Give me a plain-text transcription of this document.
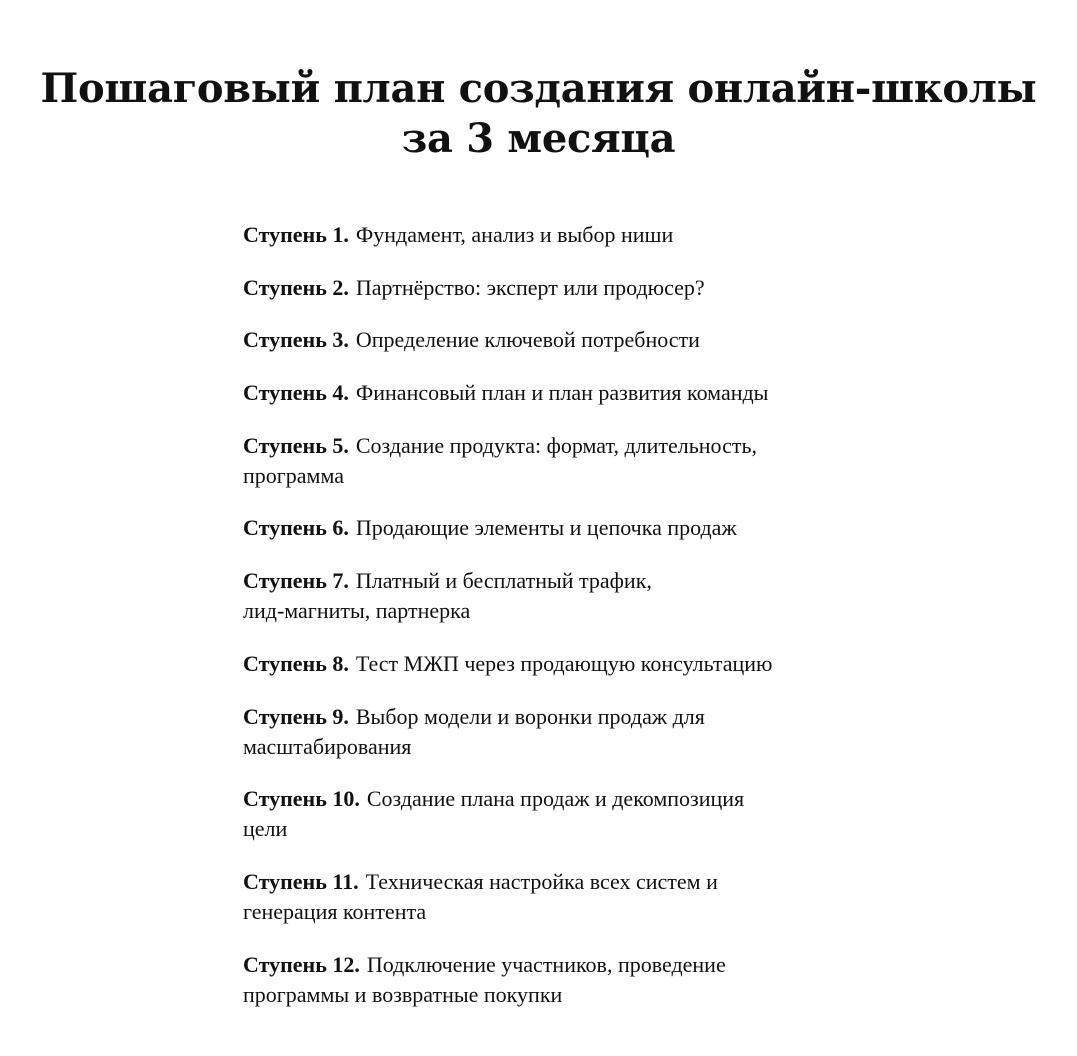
Пошаговый план создания онлайн-школы
за 3 месяца
Ступень 1. Фундамент, анализ и выбор ниши
Ступень 2. Партнёрство: эксперт или продюсер?
Ступень 3. Определение ключевой потребности
Ступень 4. Финансовый план и план развития команды
Ступень 5. Создание продукта: формат, длительность,
программа
Ступень 6. Продающие элементы и цепочка продаж
Ступень 7. Платный и бесплатный трафик,
лид-магниты, партнерка
Ступень 8. Тест МЖП через продающую консультацию
Ступень 9. Выбор модели и воронки продаж для
масштабирования
Ступень 10. Создание плана продаж и декомпозиция
цели
Ступень 11. Техническая настройка всех систем и
генерация контента
Ступень 12. Подключение участников, проведение
программы и возвратные покупки
